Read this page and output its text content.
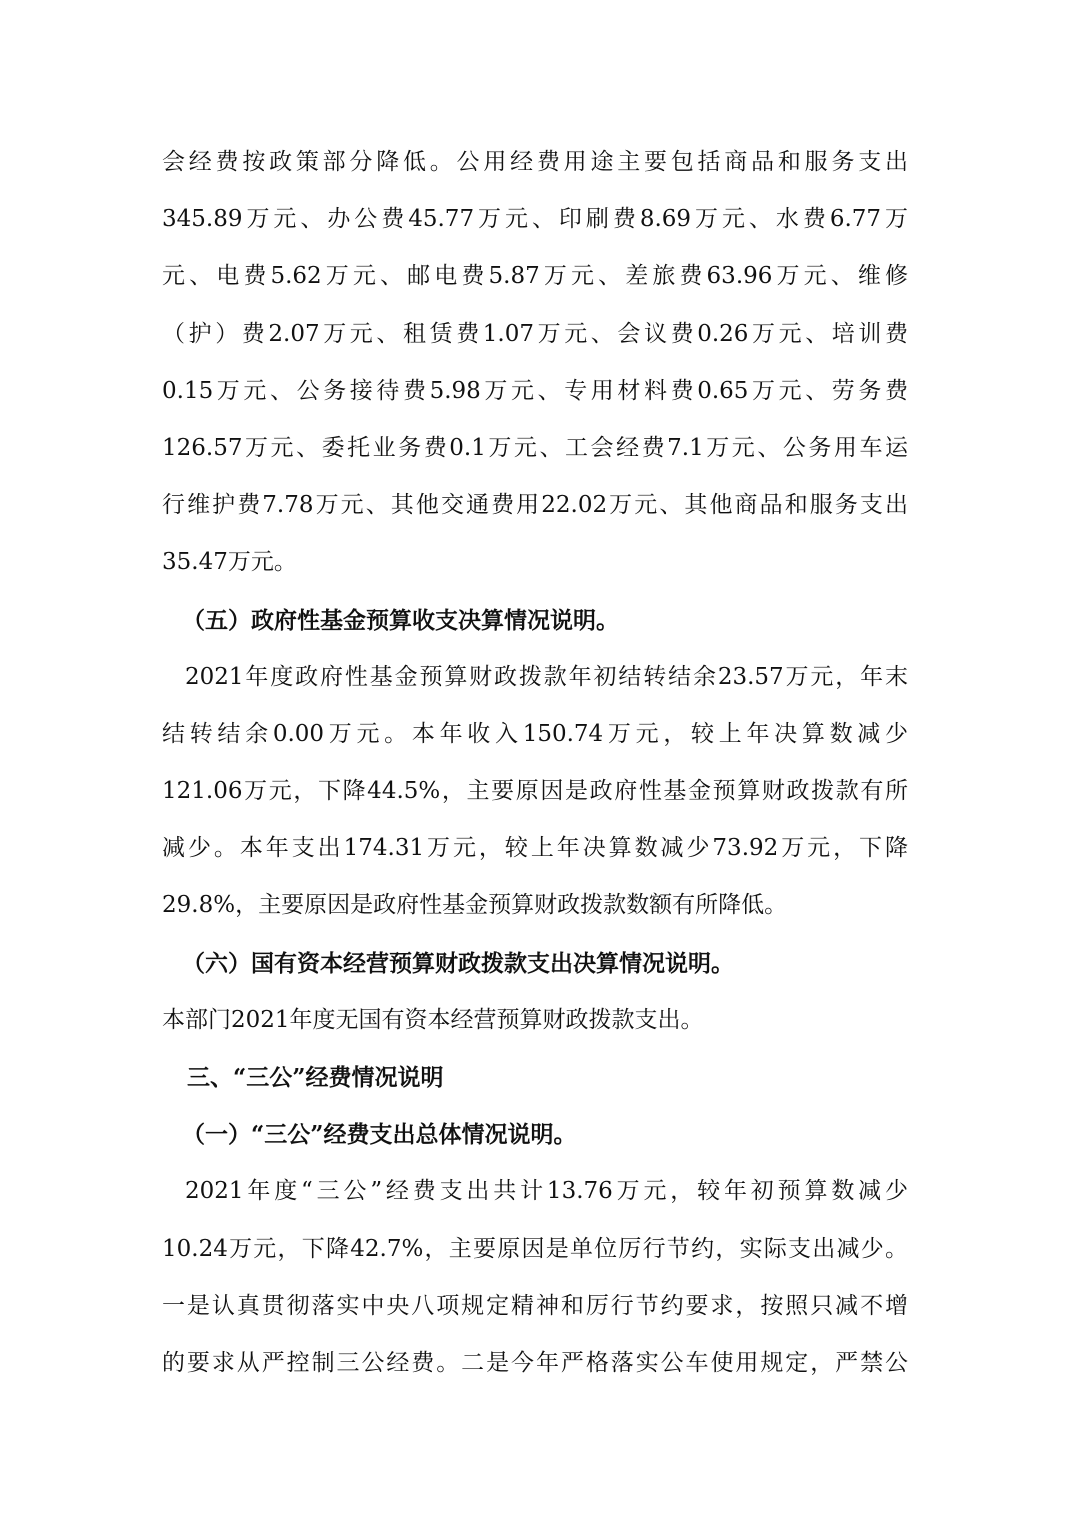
会经费按政策部分降低。公用经费用途主要包括商品和服务支出
345.89万元、办公费45.77万元、印刷费8.69万元、水费6.77万
元、电费5.62万元、邮电费5.87万元、差旅费63.96万元、维修
（护）费2.07万元、租赁费1.07万元、会议费0.26万元、培训费
0.15万元、公务接待费5.98万元、专用材料费0.65万元、劳务费
126.57万元、委托业务费0.1万元、工会经费7.1万元、公务用车运
行维护费7.78万元、其他交通费用22.02万元、其他商品和服务支出
35.47万元。
（五）政府性基金预算收支决算情况说明。
2021年度政府性基金预算财政拨款年初结转结余23.57万元，年末
结转结余0.00万元。本年收入150.74万元，较上年决算数减少
121.06万元，下降44.5%，主要原因是政府性基金预算财政拨款有所
减少。本年支出174.31万元，较上年决算数减少73.92万元，下降
29.8%，主要原因是政府性基金预算财政拨款数额有所降低。
（六）国有资本经营预算财政拨款支出决算情况说明。
本部门2021年度无国有资本经营预算财政拨款支出。
三、“三公”经费情况说明
（一）“三公”经费支出总体情况说明。
2021年度“三公”经费支出共计13.76万元，较年初预算数减少
10.24万元，下降42.7%，主要原因是单位厉行节约，实际支出减少。
一是认真贯彻落实中央八项规定精神和厉行节约要求，按照只减不增
的要求从严控制三公经费。二是今年严格落实公车使用规定，严禁公
